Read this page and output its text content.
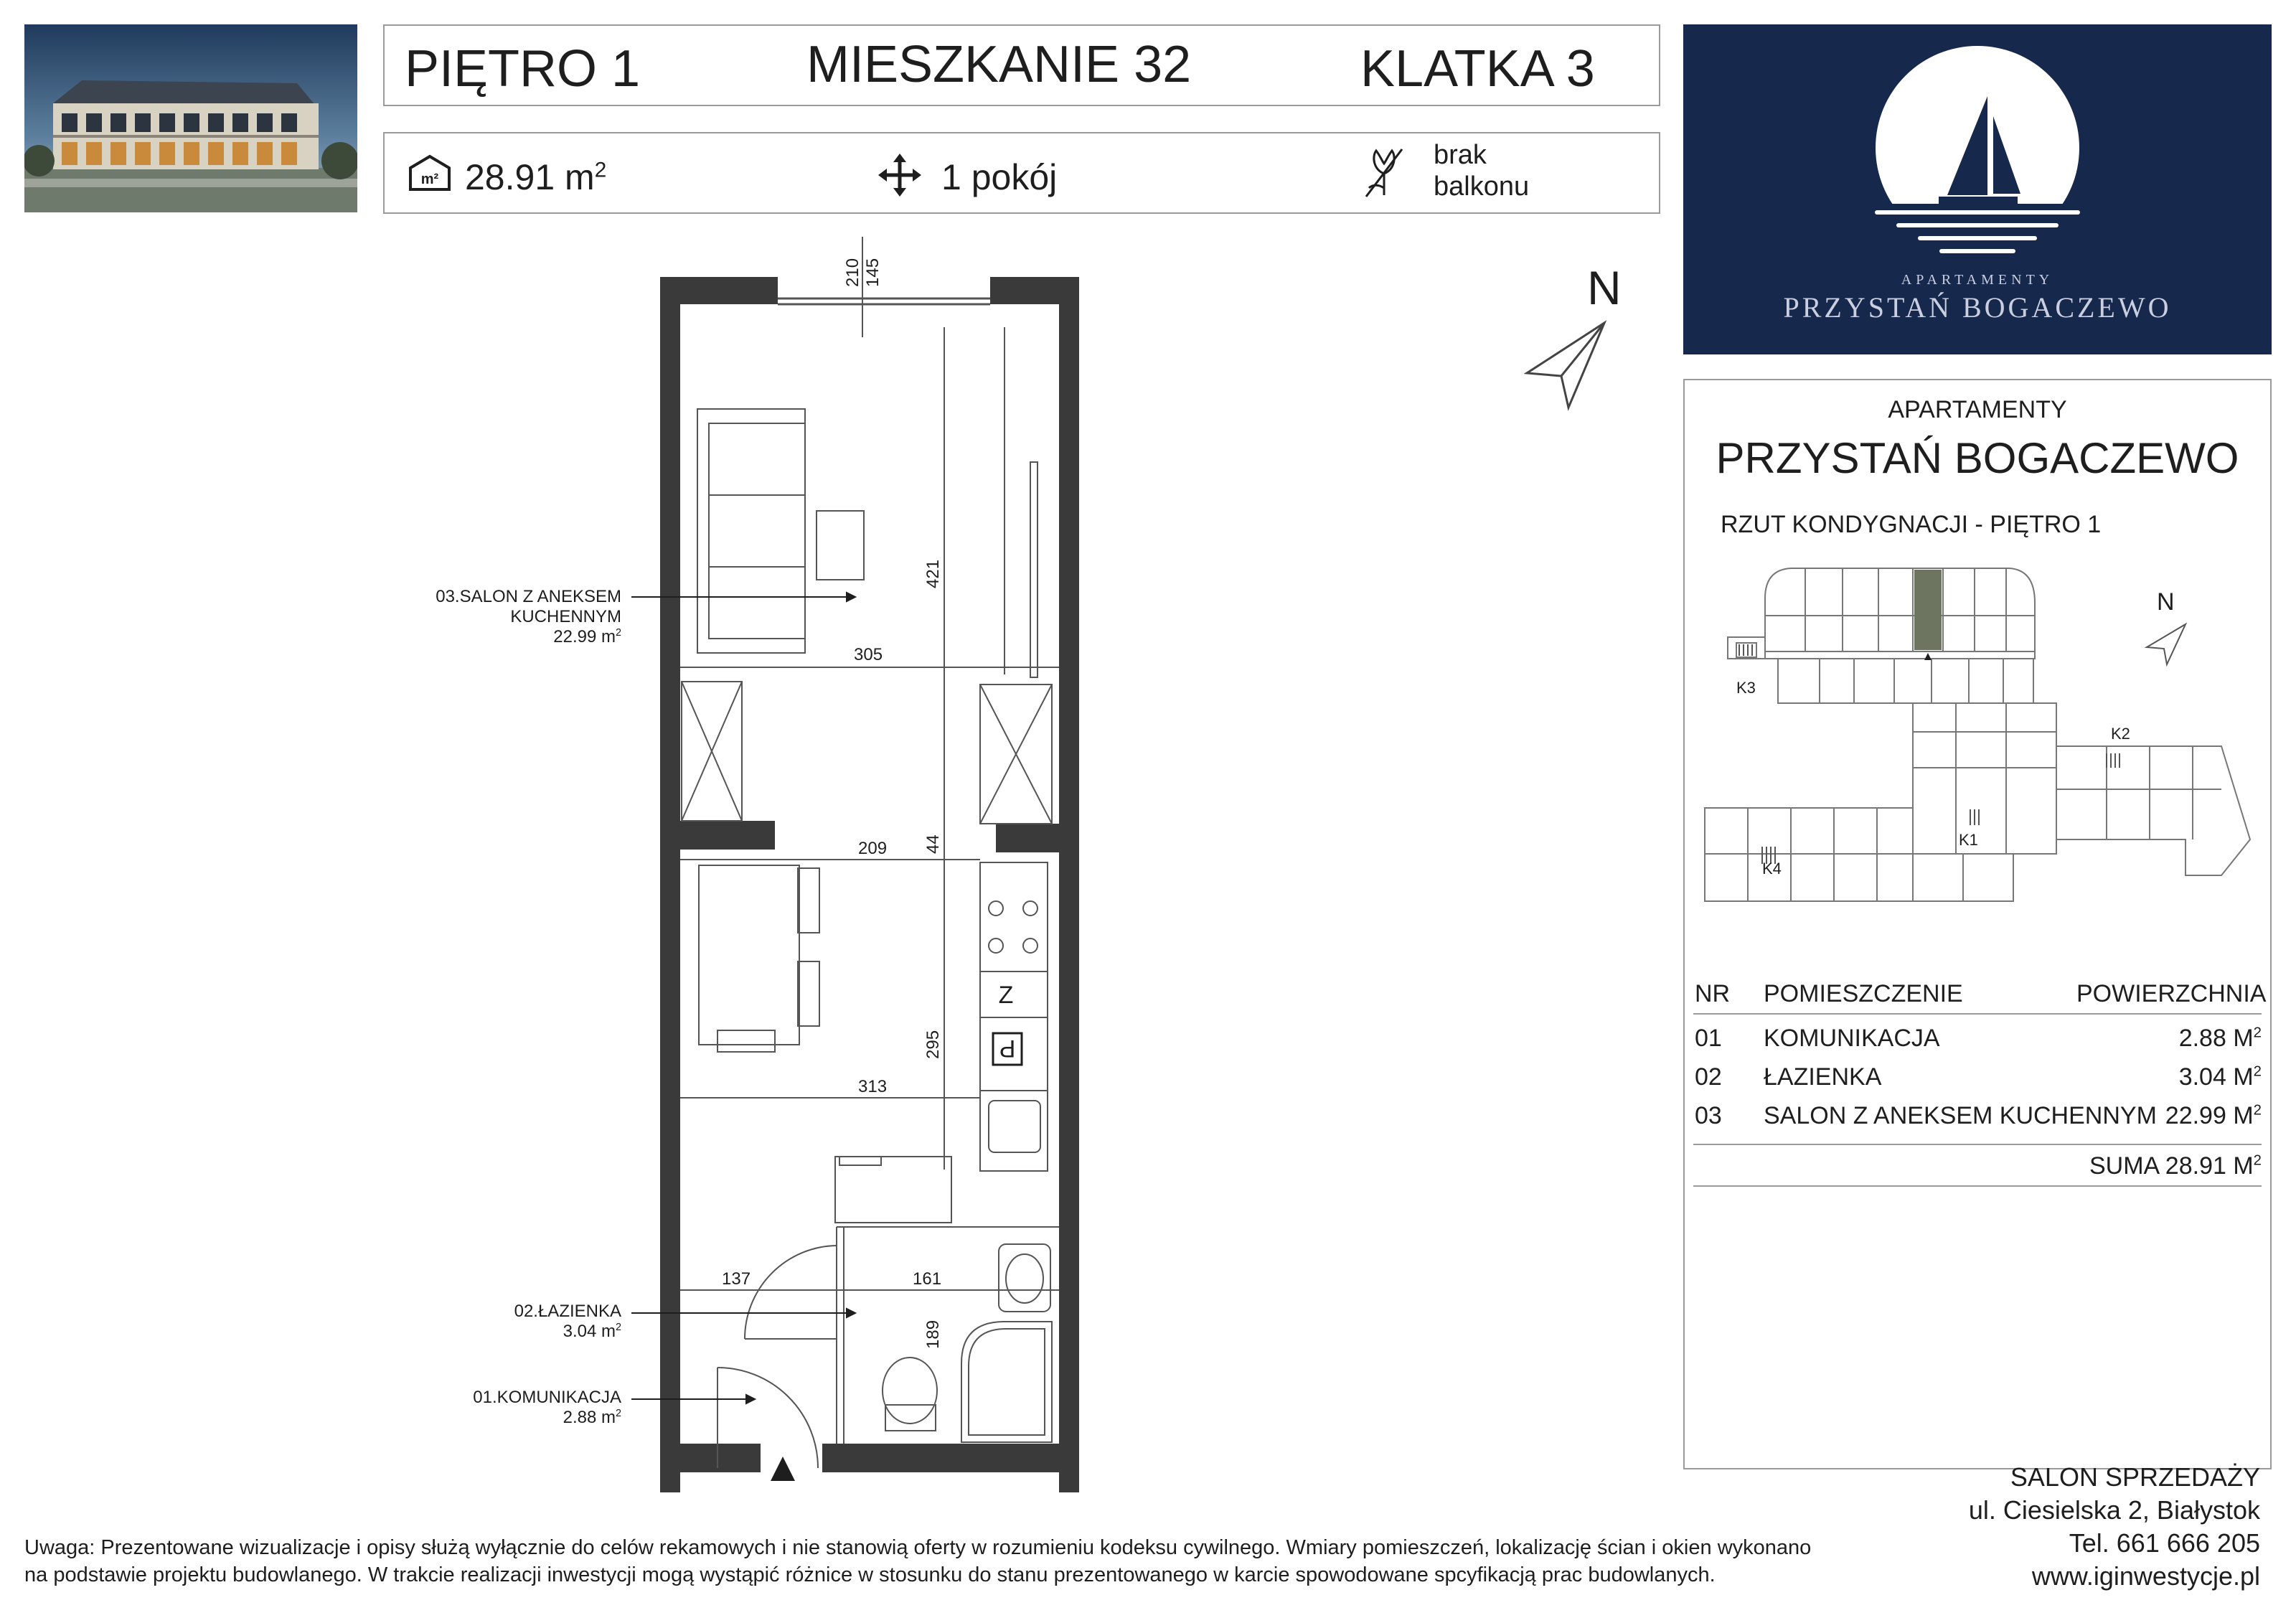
PIĘTRO 1	MIESZKANIE 32	KLATKA 3
m² 28.91 $m^2$	1 pokój
brak
balkonu
APARTAMENTY
PRZYSTAŃ BOGACZEWO
N
APARTAMENTY
PRZYSTAŃ BOGACZEWO
RZUT KONDYGNACJI - PIĘTRO 1
K3
K2
K1
K4
N
NR POMIESZCZENIE	POWIERZCHNIA
01 KOMUNIKACJA	2.88 $M^2$
02 ŁAZIENKA	3.04 $M^2$
03 SALON Z ANEKSEM KUCHENNYM 22.99 $M^2$
SUMA 28.91 $M^2$
210 145
421
305
209 44
295
313
137	161
189
Z
P
03.SALON Z ANEKSEM
KUCHENNYM
22.99 $m^2$
02.ŁAZIENKA
3.04 $m^2$
01.KOMUNIKACJA
2.88 $m^2$
SALON SPRZEDAŻY
ul. Ciesielska 2, Białystok
Tel. 661 666 205
www.iginwestycje.pl
Uwaga: Prezentowane wizualizacje i opisy służą wyłącznie do celów rekamowych i nie stanowią oferty w rozumieniu kodeksu cywilnego. Wmiary pomieszczeń, lokalizację ścian i okien wykonano
na podstawie projektu budowlanego. W trakcie realizacji inwestycji mogą wystąpić różnice w stosunku do stanu prezentowanego w karcie spowodowane spcyfikacją prac budowlanych.
